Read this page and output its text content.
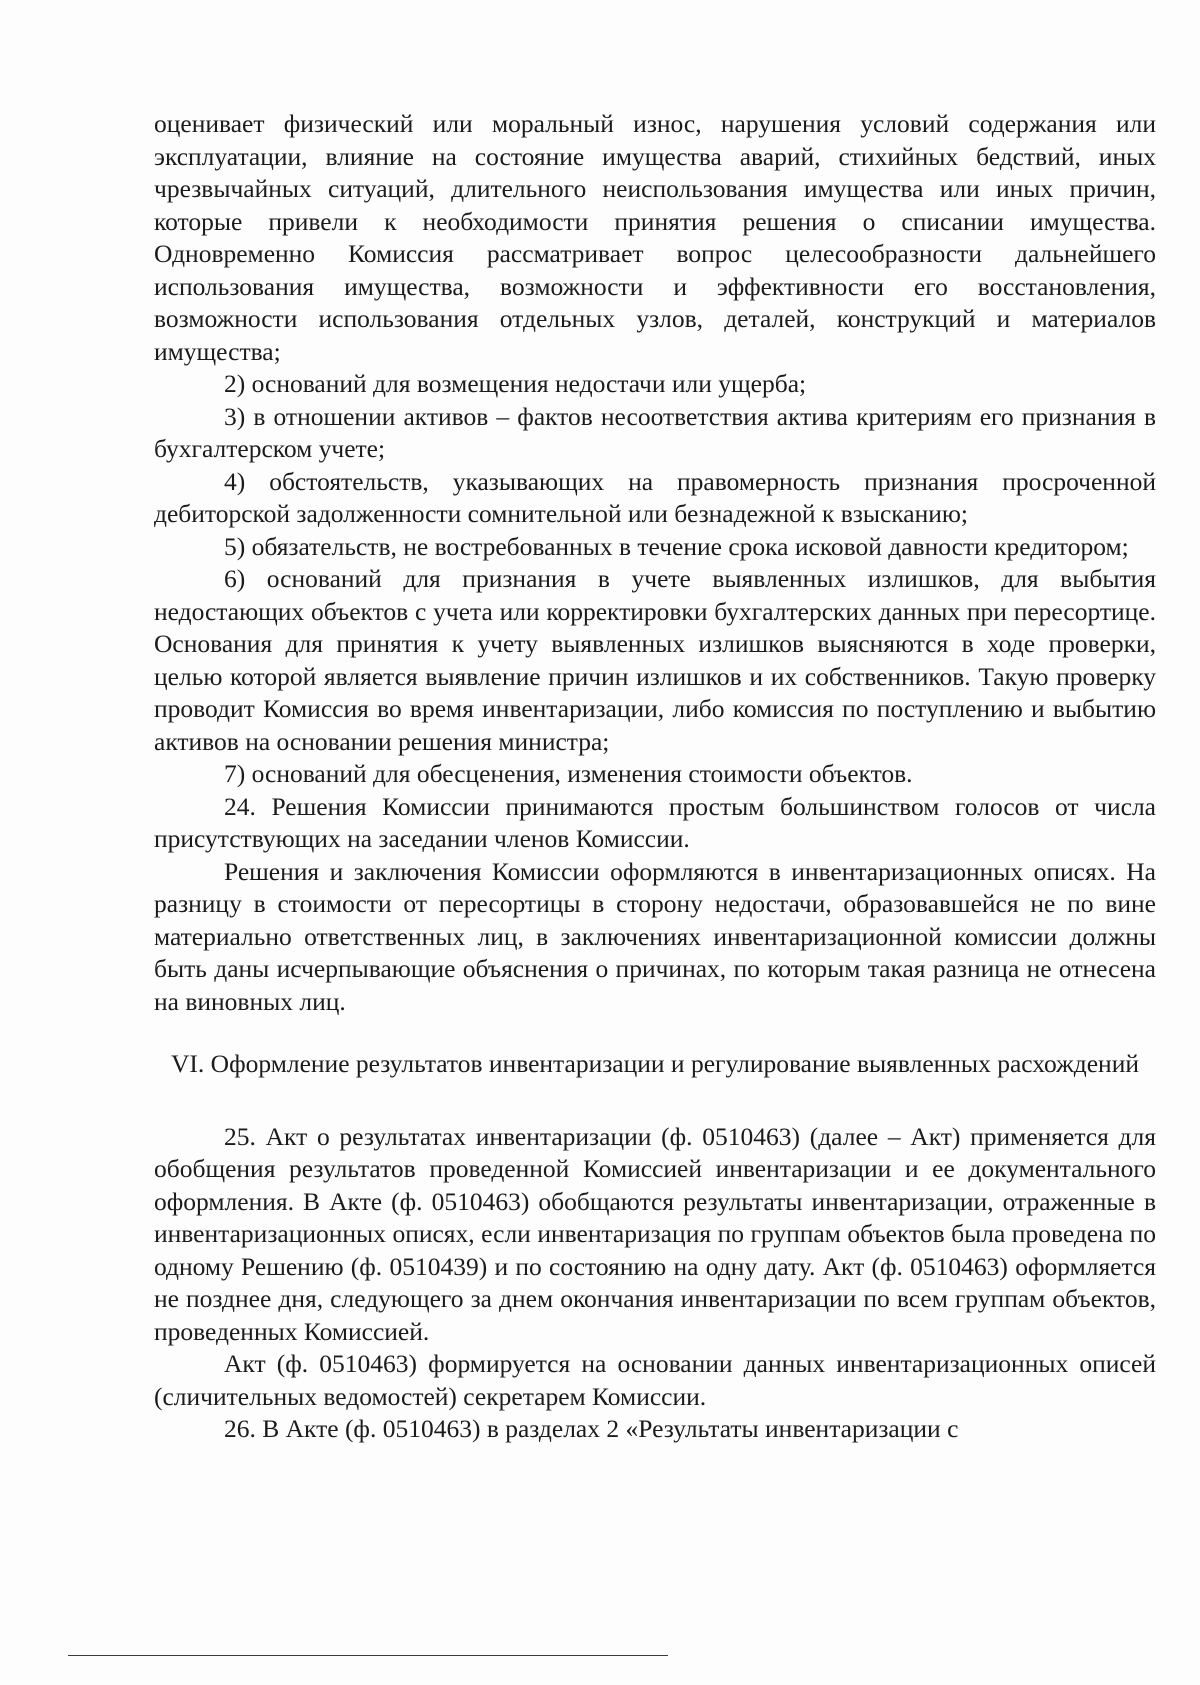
оценивает физический или моральный износ, нарушения условий содержания или эксплуатации, влияние на состояние имущества аварий, стихийных бедствий, иных чрезвычайных ситуаций, длительного неиспользования имущества или иных причин, которые привели к необходимости принятия решения о списании имущества. Одновременно Комиссия рассматривает вопрос целесообразности дальнейшего использования имущества, возможности и эффективности его восстановления, возможности использования отдельных узлов, деталей, конструкций и материалов имущества;

2) оснований для возмещения недостачи или ущерба;

3) в отношении активов – фактов несоответствия актива критериям его признания в бухгалтерском учете;

4) обстоятельств, указывающих на правомерность признания просроченной дебиторской задолженности сомнительной или безнадежной к взысканию;

5) обязательств, не востребованных в течение срока исковой давности кредитором;

6) оснований для признания в учете выявленных излишков, для выбытия недостающих объектов с учета или корректировки бухгалтерских данных при пересортице. Основания для принятия к учету выявленных излишков выясняются в ходе проверки, целью которой является выявление причин излишков и их собственников. Такую проверку проводит Комиссия во время инвентаризации, либо комиссия по поступлению и выбытию активов на основании решения министра;

7) оснований для обесценения, изменения стоимости объектов.

24. Решения Комиссии принимаются простым большинством голосов от числа присутствующих на заседании членов Комиссии.

Решения и заключения Комиссии оформляются в инвентаризационных описях. На разницу в стоимости от пересортицы в сторону недостачи, образовавшейся не по вине материально ответственных лиц, в заключениях инвентаризационной комиссии должны быть даны исчерпывающие объяснения о причинах, по которым такая разница не отнесена на виновных лиц.

VI. Оформление результатов инвентаризации и регулирование выявленных расхождений

25. Акт о результатах инвентаризации (ф. 0510463) (далее – Акт) применяется для обобщения результатов проведенной Комиссией инвентаризации и ее документального оформления. В Акте (ф. 0510463) обобщаются результаты инвентаризации, отраженные в инвентаризационных описях, если инвентаризация по группам объектов была проведена по одному Решению (ф. 0510439) и по состоянию на одну дату. Акт (ф. 0510463) оформляется не позднее дня, следующего за днем окончания инвентаризации по всем группам объектов, проведенных Комиссией.

Акт (ф. 0510463) формируется на основании данных инвентаризационных описей (сличительных ведомостей) секретарем Комиссии.

26. В Акте (ф. 0510463) в разделах 2 «Результаты инвентаризации с
